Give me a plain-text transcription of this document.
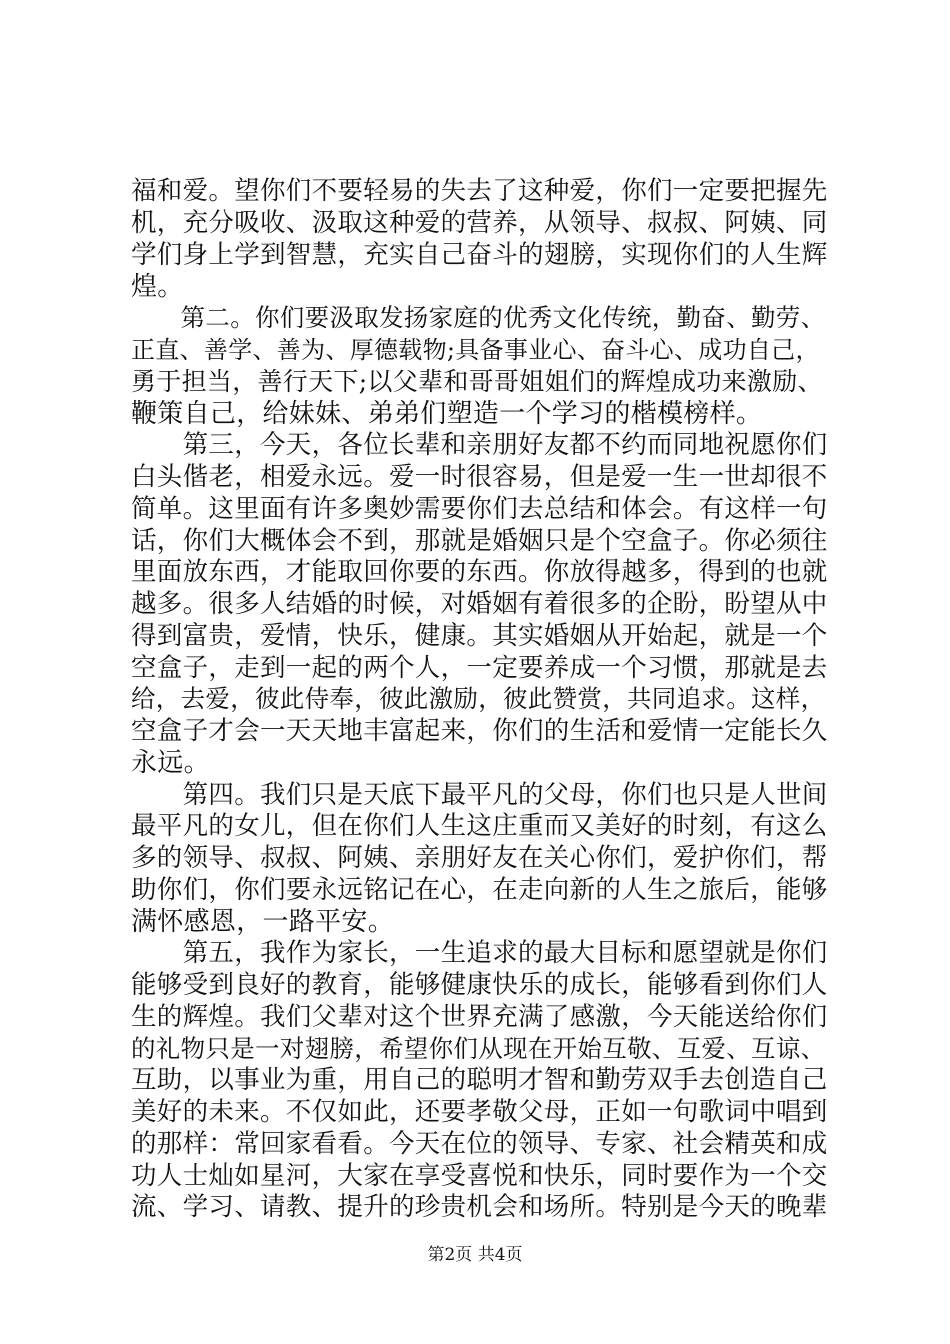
福和爱。望你们不要轻易的失去了这种爱，你们一定要把握先
机，充分吸收、汲取这种爱的营养，从领导、叔叔、阿姨、同
学们身上学到智慧，充实自己奋斗的翅膀，实现你们的人生辉
煌。
　　第二。你们要汲取发扬家庭的优秀文化传统，勤奋、勤劳、
正直、善学、善为、厚德载物;具备事业心、奋斗心、成功自己，
勇于担当，善行天下;以父辈和哥哥姐姐们的辉煌成功来激励、
鞭策自己，给妹妹、弟弟们塑造一个学习的楷模榜样。
　　第三，今天，各位长辈和亲朋好友都不约而同地祝愿你们
白头偕老，相爱永远。爱一时很容易，但是爱一生一世却很不
简单。这里面有许多奥妙需要你们去总结和体会。有这样一句
话，你们大概体会不到，那就是婚姻只是个空盒子。你必须往
里面放东西，才能取回你要的东西。你放得越多，得到的也就
越多。很多人结婚的时候，对婚姻有着很多的企盼，盼望从中
得到富贵，爱情，快乐，健康。其实婚姻从开始起，就是一个
空盒子，走到一起的两个人，一定要养成一个习惯，那就是去
给，去爱，彼此侍奉，彼此激励，彼此赞赏，共同追求。这样，
空盒子才会一天天地丰富起来，你们的生活和爱情一定能长久
永远。
　　第四。我们只是天底下最平凡的父母，你们也只是人世间
最平凡的女儿，但在你们人生这庄重而又美好的时刻，有这么
多的领导、叔叔、阿姨、亲朋好友在关心你们，爱护你们，帮
助你们，你们要永远铭记在心，在走向新的人生之旅后，能够
满怀感恩，一路平安。
　　第五，我作为家长，一生追求的最大目标和愿望就是你们
能够受到良好的教育，能够健康快乐的成长，能够看到你们人
生的辉煌。我们父辈对这个世界充满了感激，今天能送给你们
的礼物只是一对翅膀，希望你们从现在开始互敬、互爱、互谅、
互助，以事业为重，用自己的聪明才智和勤劳双手去创造自己
美好的未来。不仅如此，还要孝敬父母，正如一句歌词中唱到
的那样：常回家看看。今天在位的领导、专家、社会精英和成
功人士灿如星河，大家在享受喜悦和快乐，同时要作为一个交
流、学习、请教、提升的珍贵机会和场所。特别是今天的晚辈
第2页 共4页
